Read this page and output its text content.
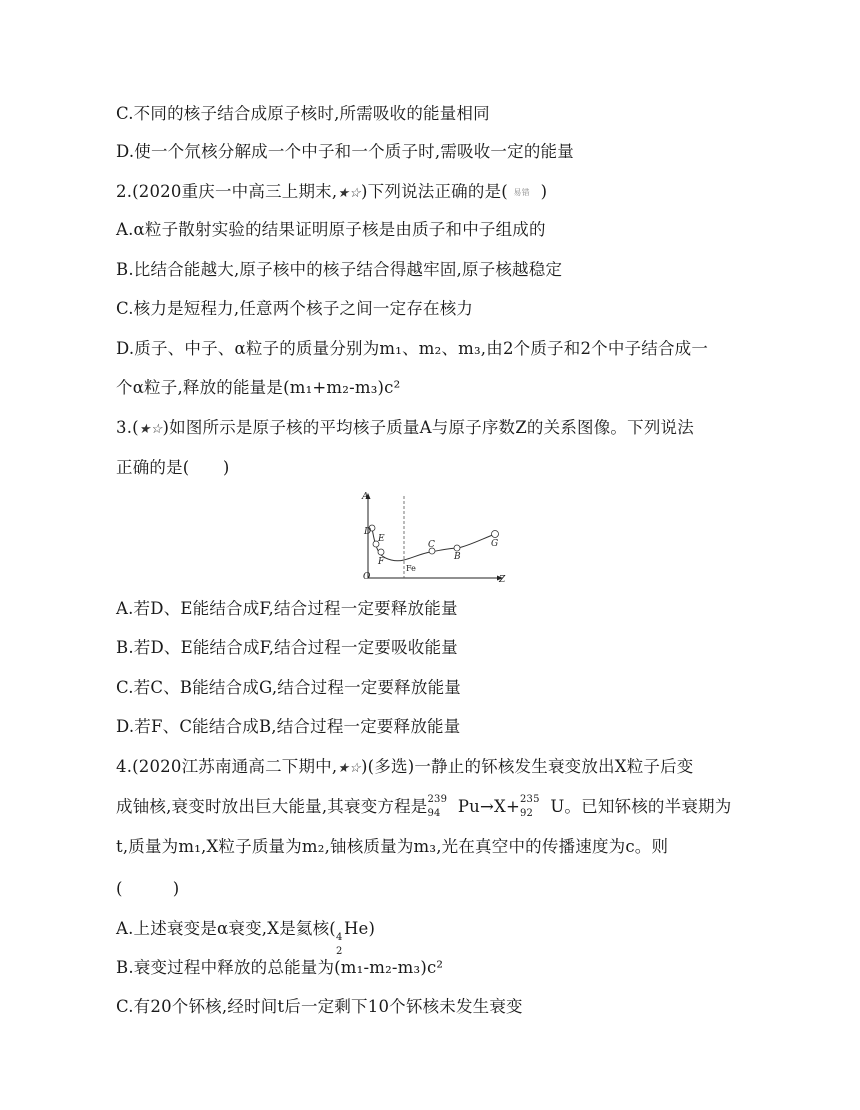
C.不同的核子结合成原子核时,所需吸收的能量相同
D.使一个氘核分解成一个中子和一个质子时,需吸收一定的能量
2.(2020重庆一中高三上期末,★☆)下列说法正确的是( 易错 )
A.α粒子散射实验的结果证明原子核是由质子和中子组成的
B.比结合能越大,原子核中的核子结合得越牢固,原子核越稳定
C.核力是短程力,任意两个核子之间一定存在核力
D.质子、中子、α粒子的质量分别为m₁、m₂、m₃,由2个质子和2个中子结合成一
个α粒子,释放的能量是(m₁+m₂-m₃)c²
3.(★☆)如图所示是原子核的平均核子质量A与原子序数Z的关系图像。下列说法
正确的是(　　)
A
Z
O
Fe
D
E
F
C
B
G
A.若D、E能结合成F,结合过程一定要释放能量
B.若D、E能结合成F,结合过程一定要吸收能量
C.若C、B能结合成G,结合过程一定要释放能量
D.若F、C能结合成B,结合过程一定要释放能量
4.(2020江苏南通高二下期中,★☆)(多选)一静止的钚核发生衰变放出X粒子后变
成铀核,衰变时放出巨大能量,其衰变方程是 239
94 Pu→X+ 235
92 U。已知钚核的半衰期为
t,质量为m₁,X粒子质量为m₂,铀核质量为m₃,光在真空中的传播速度为c。则
(　　　)
A.上述衰变是α衰变,X是氦核( 4
2
He)
B.衰变过程中释放的总能量为(m₁-m₂-m₃)c²
C.有20个钚核,经时间t后一定剩下10个钚核未发生衰变
